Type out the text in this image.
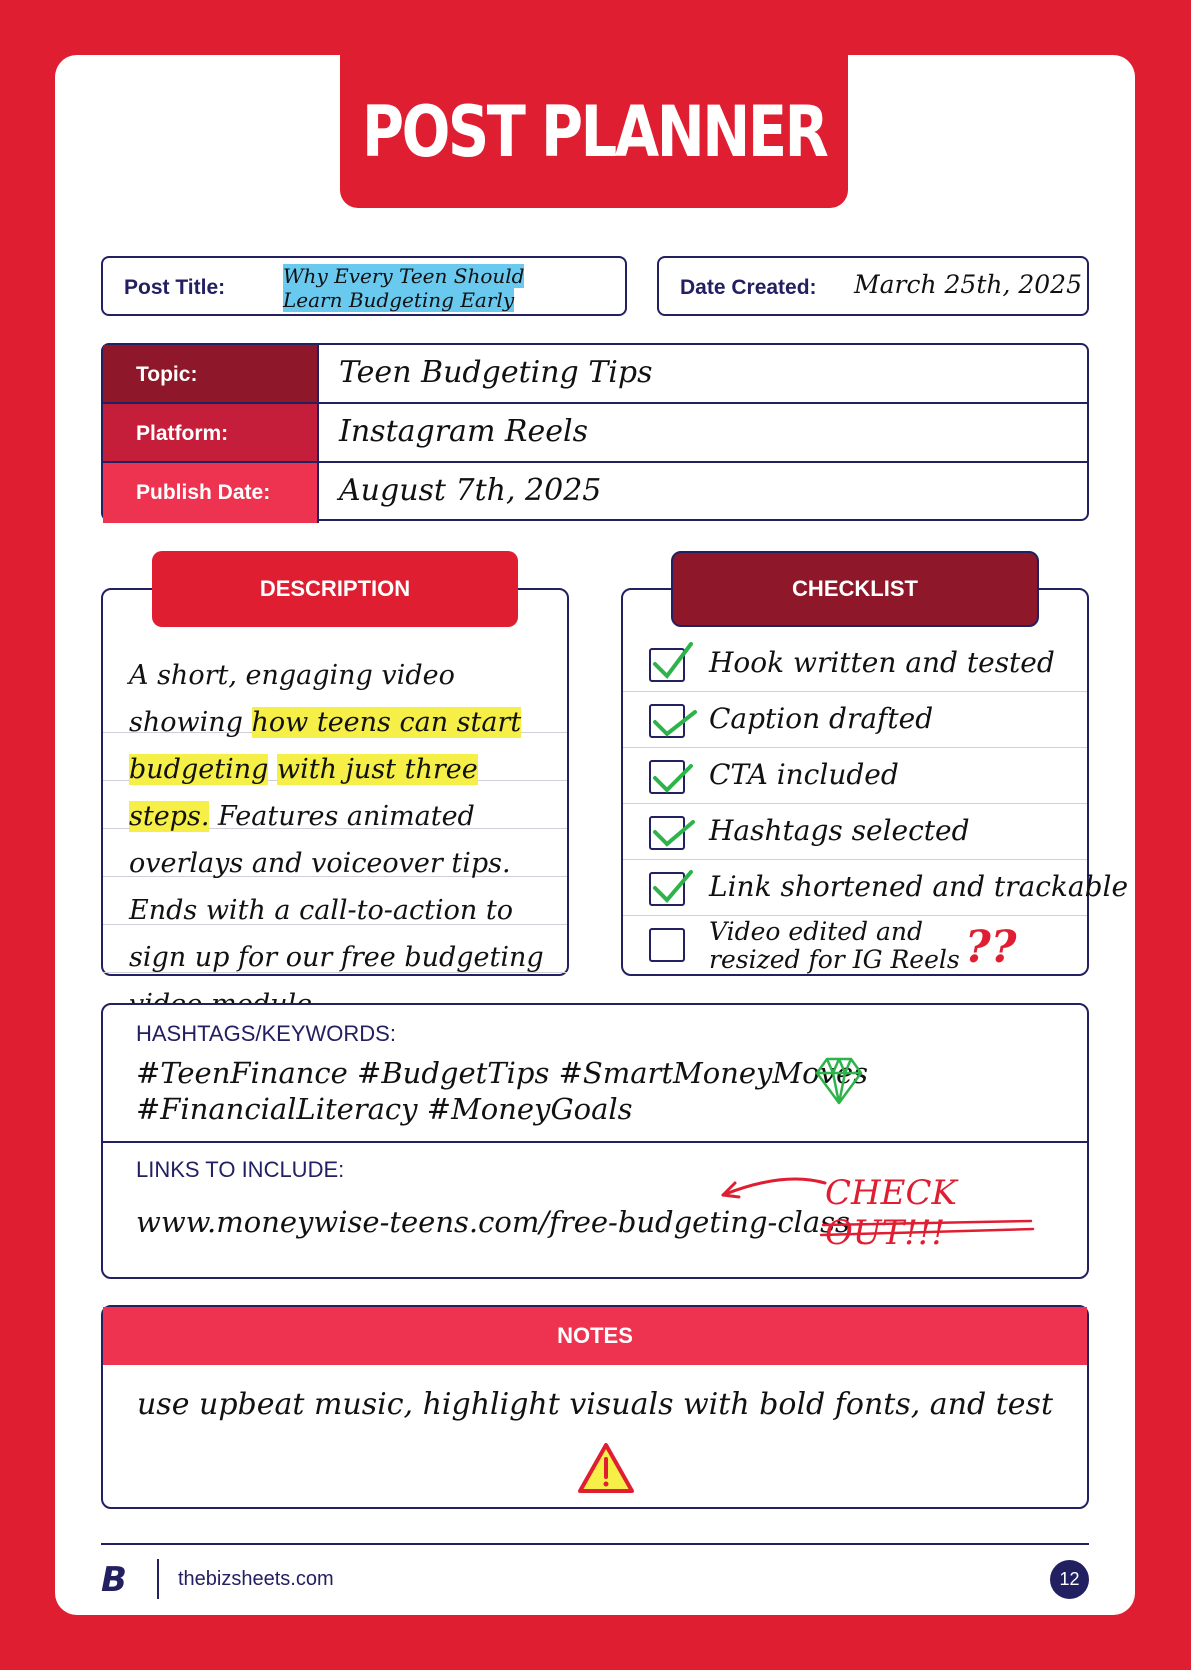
POST PLANNER
Post Title:	Why Every Teen Should
Learn Budgeting Early
Date Created: March 25th, 2025
Topic:	Teen Budgeting Tips
Platform:	Instagram Reels
Publish Date:	August 7th, 2025
A short, engaging video showing how teens can start budgeting with just three steps. Features animated overlays and voiceover tips. Ends with a call-to-action to sign up for our free budgeting
DESCRIPTION
Hook written and tested
Caption drafted
CTA included
Hashtags selected
Link shortened and trackable
Video edited and resized for IG Reels ??
CHECKLIST
HASHTAGS/KEYWORDS:
#TeenFinance #BudgetTips #SmartMoneyMoves
#FinancialLiteracy #MoneyGoals
LINKS TO INCLUDE:
www.moneywise-teens.com/free-budgeting-class
CHECK OUT!!!
NOTES
use upbeat music, highlight visuals with bold fonts, and test
B	thebizsheets.com	12
